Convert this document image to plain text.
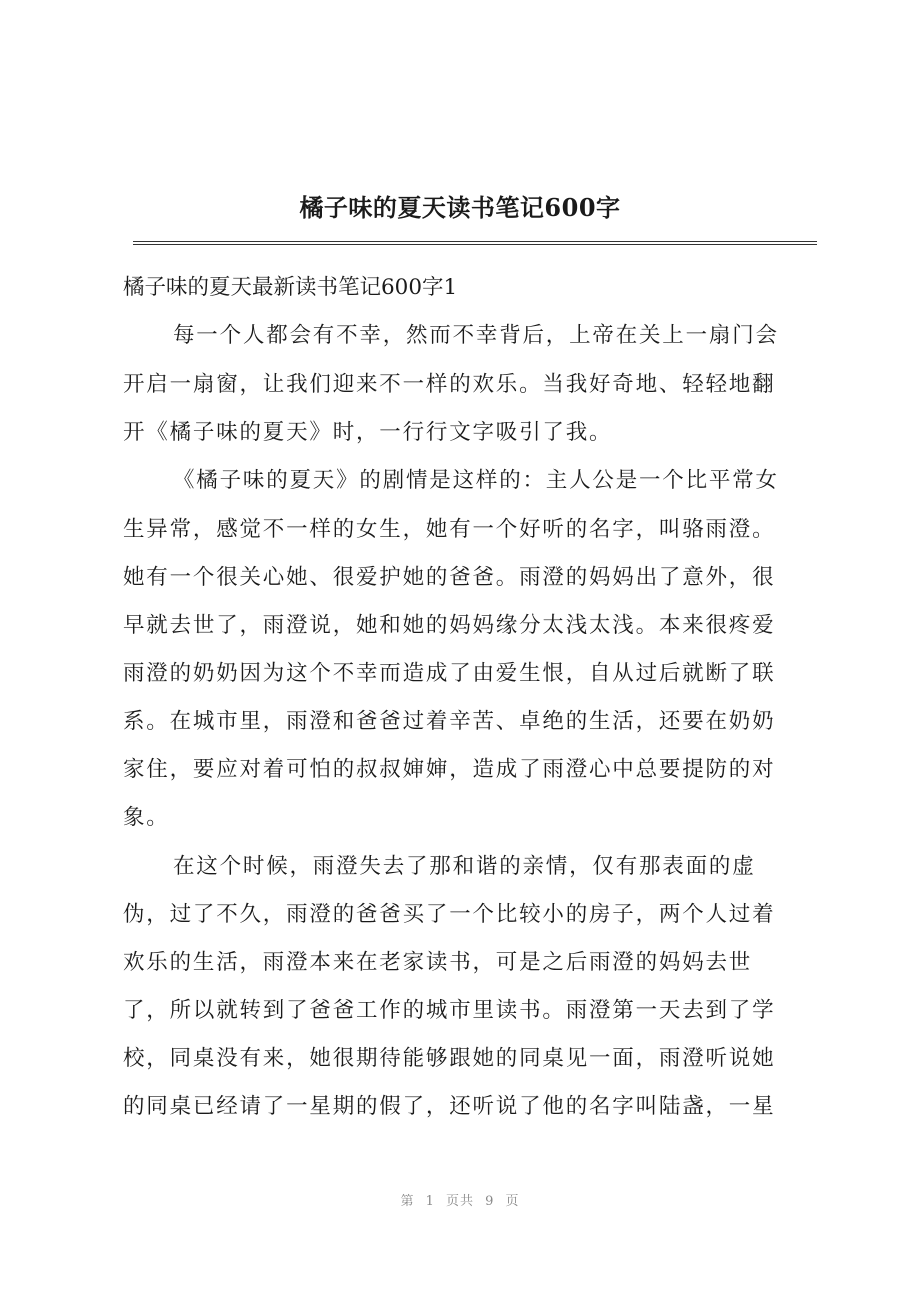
橘子味的夏天读书笔记600字
橘子味的夏天最新读书笔记600字1
每一个人都会有不幸，然而不幸背后，上帝在关上一扇门会
开启一扇窗，让我们迎来不一样的欢乐。当我好奇地、轻轻地翻
开《橘子味的夏天》时，一行行文字吸引了我。
《橘子味的夏天》的剧情是这样的：主人公是一个比平常女
生异常，感觉不一样的女生，她有一个好听的名字，叫骆雨澄。
她有一个很关心她、很爱护她的爸爸。雨澄的妈妈出了意外，很
早就去世了，雨澄说，她和她的妈妈缘分太浅太浅。本来很疼爱
雨澄的奶奶因为这个不幸而造成了由爱生恨，自从过后就断了联
系。在城市里，雨澄和爸爸过着辛苦、卓绝的生活，还要在奶奶
家住，要应对着可怕的叔叔婶婶，造成了雨澄心中总要提防的对
象。
在这个时候，雨澄失去了那和谐的亲情，仅有那表面的虚
伪，过了不久，雨澄的爸爸买了一个比较小的房子，两个人过着
欢乐的生活，雨澄本来在老家读书，可是之后雨澄的妈妈去世
了，所以就转到了爸爸工作的城市里读书。雨澄第一天去到了学
校，同桌没有来，她很期待能够跟她的同桌见一面，雨澄听说她
的同桌已经请了一星期的假了，还听说了他的名字叫陆盏，一星
第 1 页共 9 页
